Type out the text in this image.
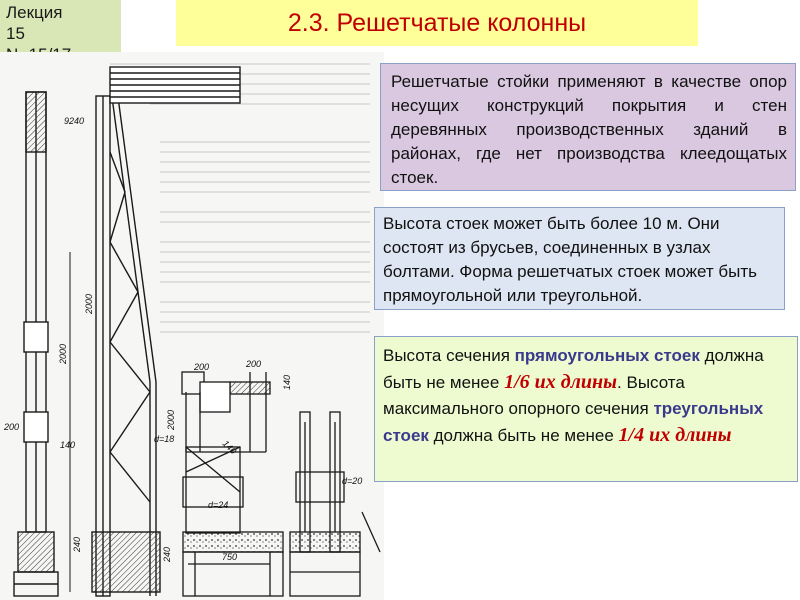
Лекция
15
N- 15/17
2.3. Решетчатые колонны
9240
200
140
2000
2000
2000
200	200
140
140
d=18
d=24
d=20
240
240	750
Решетчатые стойки применяют в качестве опор несущих конструкций покрытия и стен деревянных производственных зданий в районах, где нет производства клеедощатых стоек.
Высота стоек может быть более 10 м. Они состоят из брусьев, соединенных в узлах болтами. Форма решетчатых стоек может быть прямоугольной или треугольной.
Высота сечения прямоугольных стоек должна быть не менее 1/6 их длины. Высота максимального опорного сечения треугольных стоек должна быть не менее 1/4 их длины
